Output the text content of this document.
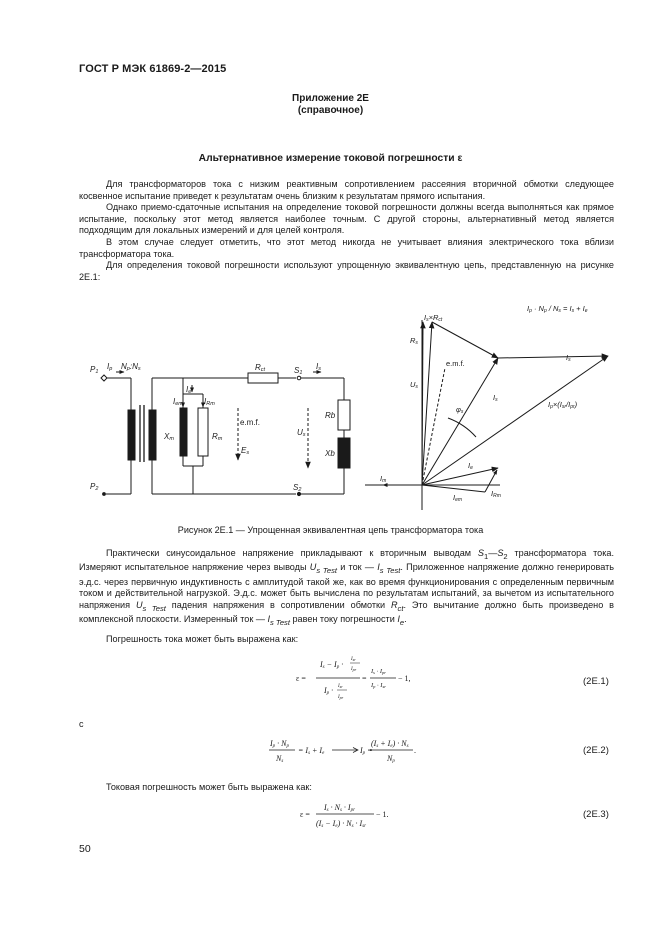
ГОСТ Р МЭК 61869-2—2015
Приложение 2Е
(справочное)
Альтернативное измерение токовой погрешности ε

Для трансформаторов тока с низким реактивным сопротивлением рассеяния вторичной обмотки следующее косвенное испытание приведет к результатам очень близким к результатам прямого испытания.

Однако приемо-сдаточные испытания на определение токовой погрешности должны всегда выполняться как прямое испытание, поскольку этот метод является наиболее точным. С другой стороны, альтернативный метод является подходящим для локальных измерений и для целей контроля.

В этом случае следует отметить, что этот метод никогда не учитывает влияния электрического тока вблизи трансформатора тока.

Для определения токовой погрешности используют упрощенную эквивалентную цепь, представленную на рисунке 2Е.1:

P1
P2
Ip Np:Ns	Rct	S1
S2
Is
Ie
Iem	IRm
Xm	Rm
e.m.f.
Es
Us
Rb
Xb
Ip · Np / Ns = Is + Ie
Is×Rct
Rs
e.m.f.
Us
φs
Is
Is
Ip×(Isr/Ipr)
Ie
Im
Iem
IRm
Рисунок 2Е.1 — Упрощенная эквивалентная цепь трансформатора тока

Практически синусоидальное напряжение прикладывают к вторичным выводам $S_1—S_2$ трансформатора тока. Измеряют испытательное напряжение через выводы $U_{s Test}$ и ток — $I_{s Test}$. Приложенное напряжение должно генерировать э.д.с. через первичную индуктивность с амплитудой такой же, как во время функционирования с определенным первичным током и действительной нагрузкой. Э.д.с. может быть вычислена по результатам испытаний, за вычетом из испытательного напряжения $U_{s Test}$ падения напряжения в сопротивлении обмотки $R_{ct}$. Это вычитание должно быть произведено в комплексной плоскости. Измеренный ток — $I_{s Test}$ равен току погрешности $I_e$.

Погрешность тока может быть выражена как:
ε =
Is − Ip ·
$I_{sr}$
$I_{pr}$
$Ip \cdot I_{sr}$
$I_{pr}$
=
Is · Ipr
Ip · Isr
− 1,	(2Е.1)
с
Ip · Np
Ns
= Is + Ie	Ip =
(Is + Ie) · Ns
Np
.	(2Е.2)
Токовая погрешность может быть выражена как:
ε =
Is · Ns · Ipr
(Is − Ie) · Ns · Isr
− 1.	(2Е.3)
50
